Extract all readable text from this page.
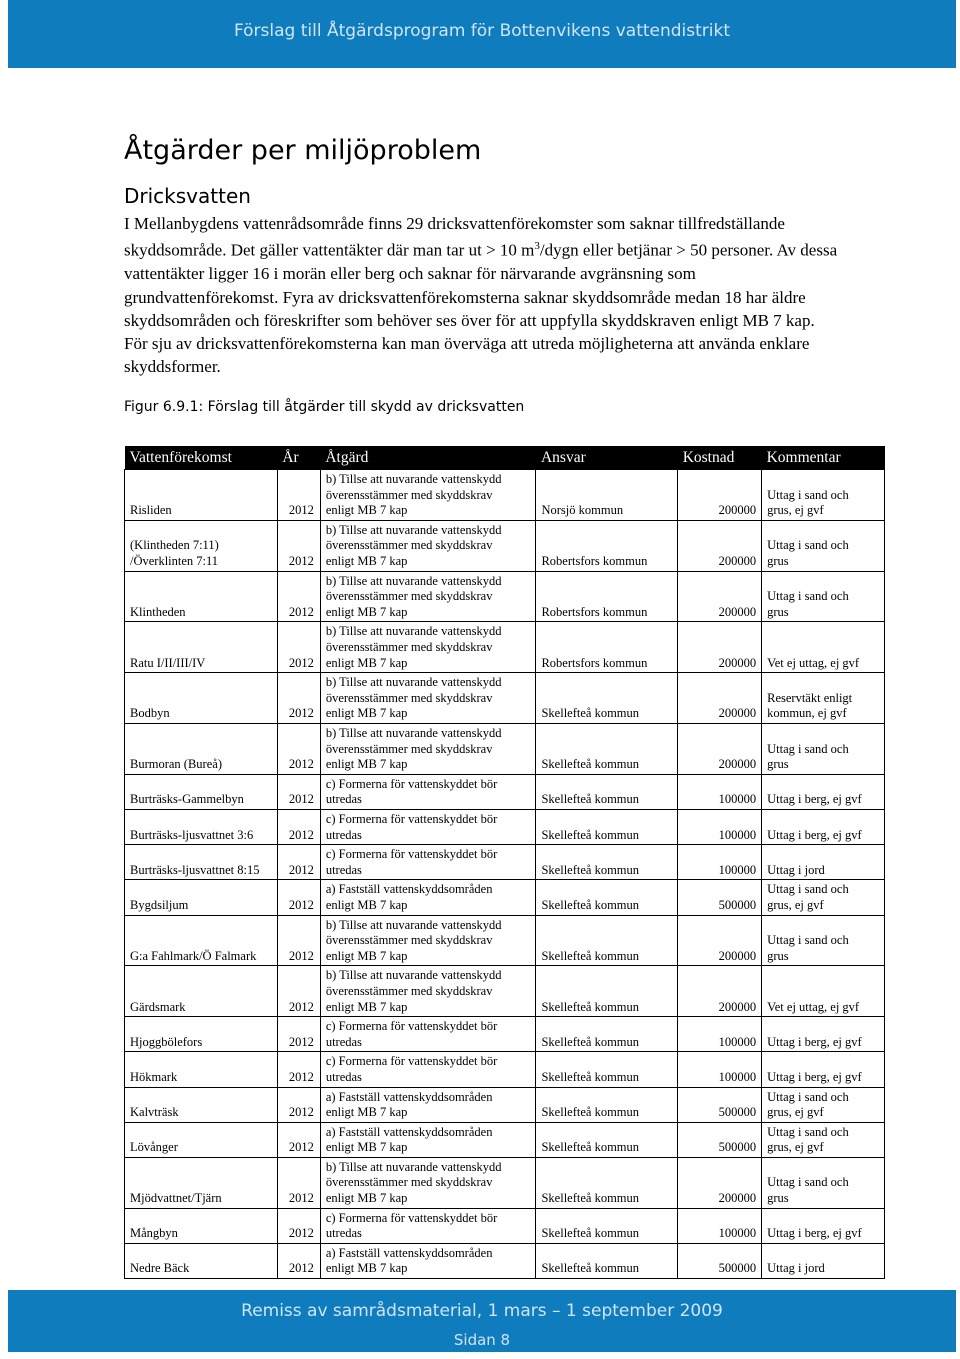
Förslag till Åtgärdsprogram för Bottenvikens vattendistrikt
Åtgärder per miljöproblem
Dricksvatten

I Mellanbygdens vattenrådsområde finns 29 dricksvattenförekomster som saknar tillfredställande skyddsområde. Det gäller vattentäkter där man tar ut > 10 $m^3$/dygn eller betjänar > 50 personer. Av dessa vattentäkter ligger 16 i morän eller berg och saknar för närvarande avgränsning som grundvattenförekomst. Fyra av dricksvattenförekomsterna saknar skyddsområde medan 18 har äldre skyddsområden och föreskrifter som behöver ses över för att uppfylla skyddskraven enligt MB 7 kap. För sju av dricksvattenförekomsterna kan man överväga att utreda möjligheterna att använda enklare skyddsformer.

Figur 6.9.1: Förslag till åtgärder till skydd av dricksvatten
Vattenförekomst	År	Åtgärd	Ansvar	Kostnad	Kommentar
Risliden	2012	b) Tillse att nuvarande vattenskydd
överensstämmer med skyddskrav
enligt MB 7 kap	Norsjö kommun	200000	Uttag i sand och
grus, ej gvf
(Klintheden 7:11)
/Överklinten 7:11	2012	b) Tillse att nuvarande vattenskydd
överensstämmer med skyddskrav
enligt MB 7 kap	Robertsfors kommun	200000	Uttag i sand och
grus
Klintheden	2012	b) Tillse att nuvarande vattenskydd
överensstämmer med skyddskrav
enligt MB 7 kap	Robertsfors kommun	200000	Uttag i sand och
grus
Ratu I/II/III/IV	2012	b) Tillse att nuvarande vattenskydd
överensstämmer med skyddskrav
enligt MB 7 kap	Robertsfors kommun	200000	Vet ej uttag, ej gvf
Bodbyn	2012	b) Tillse att nuvarande vattenskydd
överensstämmer med skyddskrav
enligt MB 7 kap	Skellefteå kommun	200000	Reservtäkt enligt
kommun, ej gvf
Burmoran (Bureå)	2012	b) Tillse att nuvarande vattenskydd
överensstämmer med skyddskrav
enligt MB 7 kap	Skellefteå kommun	200000	Uttag i sand och
grus
Burträsks-Gammelbyn	2012	c) Formerna för vattenskyddet bör
utredas	Skellefteå kommun	100000	Uttag i berg, ej gvf
Burträsks-ljusvattnet 3:6	2012	c) Formerna för vattenskyddet bör
utredas	Skellefteå kommun	100000	Uttag i berg, ej gvf
Burträsks-ljusvattnet 8:15	2012	c) Formerna för vattenskyddet bör
utredas	Skellefteå kommun	100000	Uttag i jord
Bygdsiljum	2012	a) Fastställ vattenskyddsområden
enligt MB 7 kap	Skellefteå kommun	500000	Uttag i sand och
grus, ej gvf
G:a Fahlmark/Ö Falmark	2012	b) Tillse att nuvarande vattenskydd
överensstämmer med skyddskrav
enligt MB 7 kap	Skellefteå kommun	200000	Uttag i sand och
grus
Gärdsmark	2012	b) Tillse att nuvarande vattenskydd
överensstämmer med skyddskrav
enligt MB 7 kap	Skellefteå kommun	200000	Vet ej uttag, ej gvf
Hjoggbölefors	2012	c) Formerna för vattenskyddet bör
utredas	Skellefteå kommun	100000	Uttag i berg, ej gvf
Hökmark	2012	c) Formerna för vattenskyddet bör
utredas	Skellefteå kommun	100000	Uttag i berg, ej gvf
Kalvträsk	2012	a) Fastställ vattenskyddsområden
enligt MB 7 kap	Skellefteå kommun	500000	Uttag i sand och
grus, ej gvf
Lövånger	2012	a) Fastställ vattenskyddsområden
enligt MB 7 kap	Skellefteå kommun	500000	Uttag i sand och
grus, ej gvf
Mjödvattnet/Tjärn	2012	b) Tillse att nuvarande vattenskydd
överensstämmer med skyddskrav
enligt MB 7 kap	Skellefteå kommun	200000	Uttag i sand och
grus
Mångbyn	2012	c) Formerna för vattenskyddet bör
utredas	Skellefteå kommun	100000	Uttag i berg, ej gvf
Nedre Bäck	2012	a) Fastställ vattenskyddsområden
enligt MB 7 kap	Skellefteå kommun	500000	Uttag i jord
Remiss av samrådsmaterial, 1 mars – 1 september 2009
Sidan 8
